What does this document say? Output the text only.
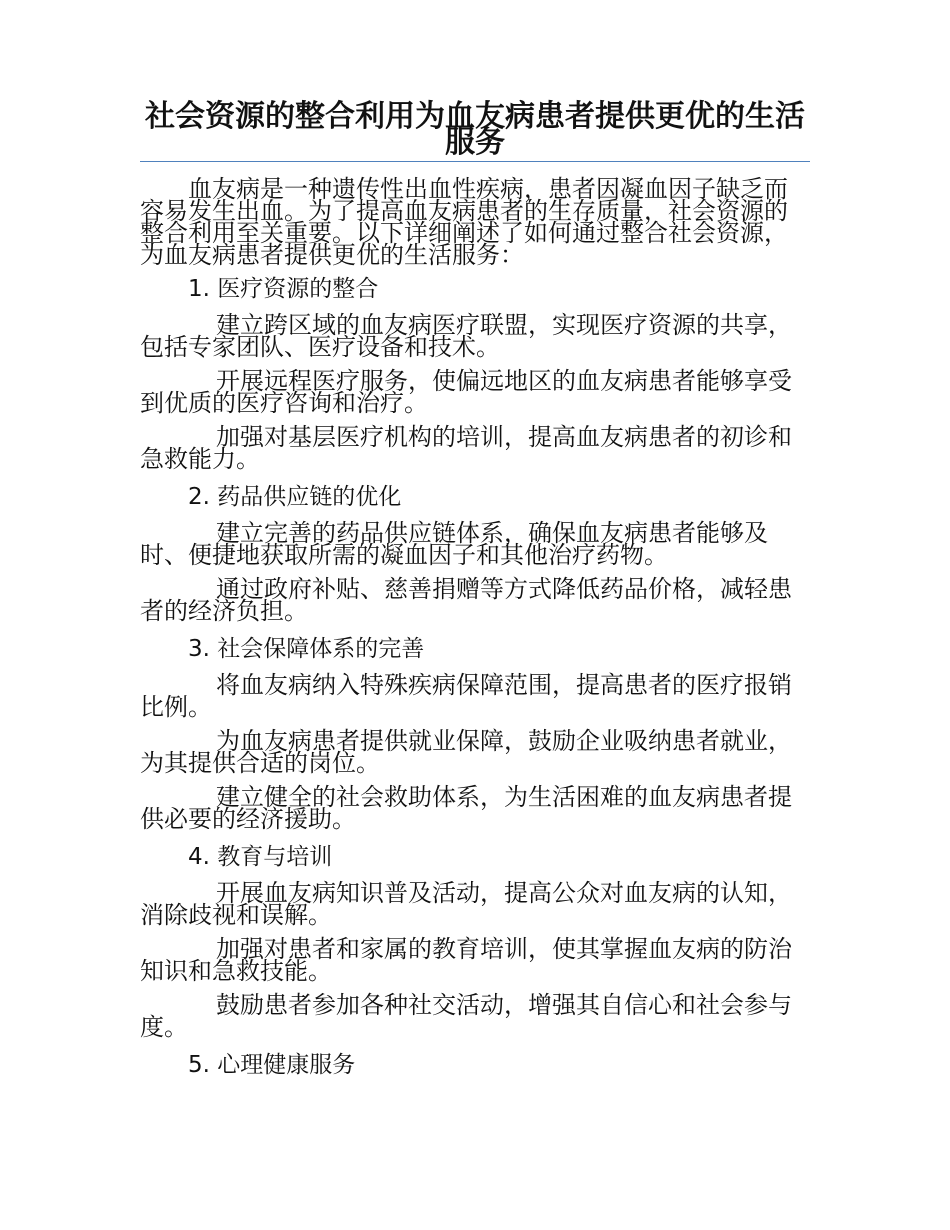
社会资源的整合利用为血友病患者提供更优的生活服务

血友病是一种遗传性出血性疾病，患者因凝血因子缺乏而容易发生出血。为了提高血友病患者的生存质量，社会资源的整合利用至关重要。以下详细阐述了如何通过整合社会资源，为血友病患者提供更优的生活服务：

1. 医疗资源的整合

建立跨区域的血友病医疗联盟，实现医疗资源的共享，包括专家团队、医疗设备和技术。

开展远程医疗服务，使偏远地区的血友病患者能够享受到优质的医疗咨询和治疗。

加强对基层医疗机构的培训，提高血友病患者的初诊和急救能力。

2. 药品供应链的优化

建立完善的药品供应链体系，确保血友病患者能够及时、便捷地获取所需的凝血因子和其他治疗药物。

通过政府补贴、慈善捐赠等方式降低药品价格，减轻患者的经济负担。

3. 社会保障体系的完善

将血友病纳入特殊疾病保障范围，提高患者的医疗报销比例。

为血友病患者提供就业保障，鼓励企业吸纳患者就业，为其提供合适的岗位。

建立健全的社会救助体系，为生活困难的血友病患者提供必要的经济援助。

4. 教育与培训

开展血友病知识普及活动，提高公众对血友病的认知，消除歧视和误解。

加强对患者和家属的教育培训，使其掌握血友病的防治知识和急救技能。

鼓励患者参加各种社交活动，增强其自信心和社会参与度。

5. 心理健康服务
